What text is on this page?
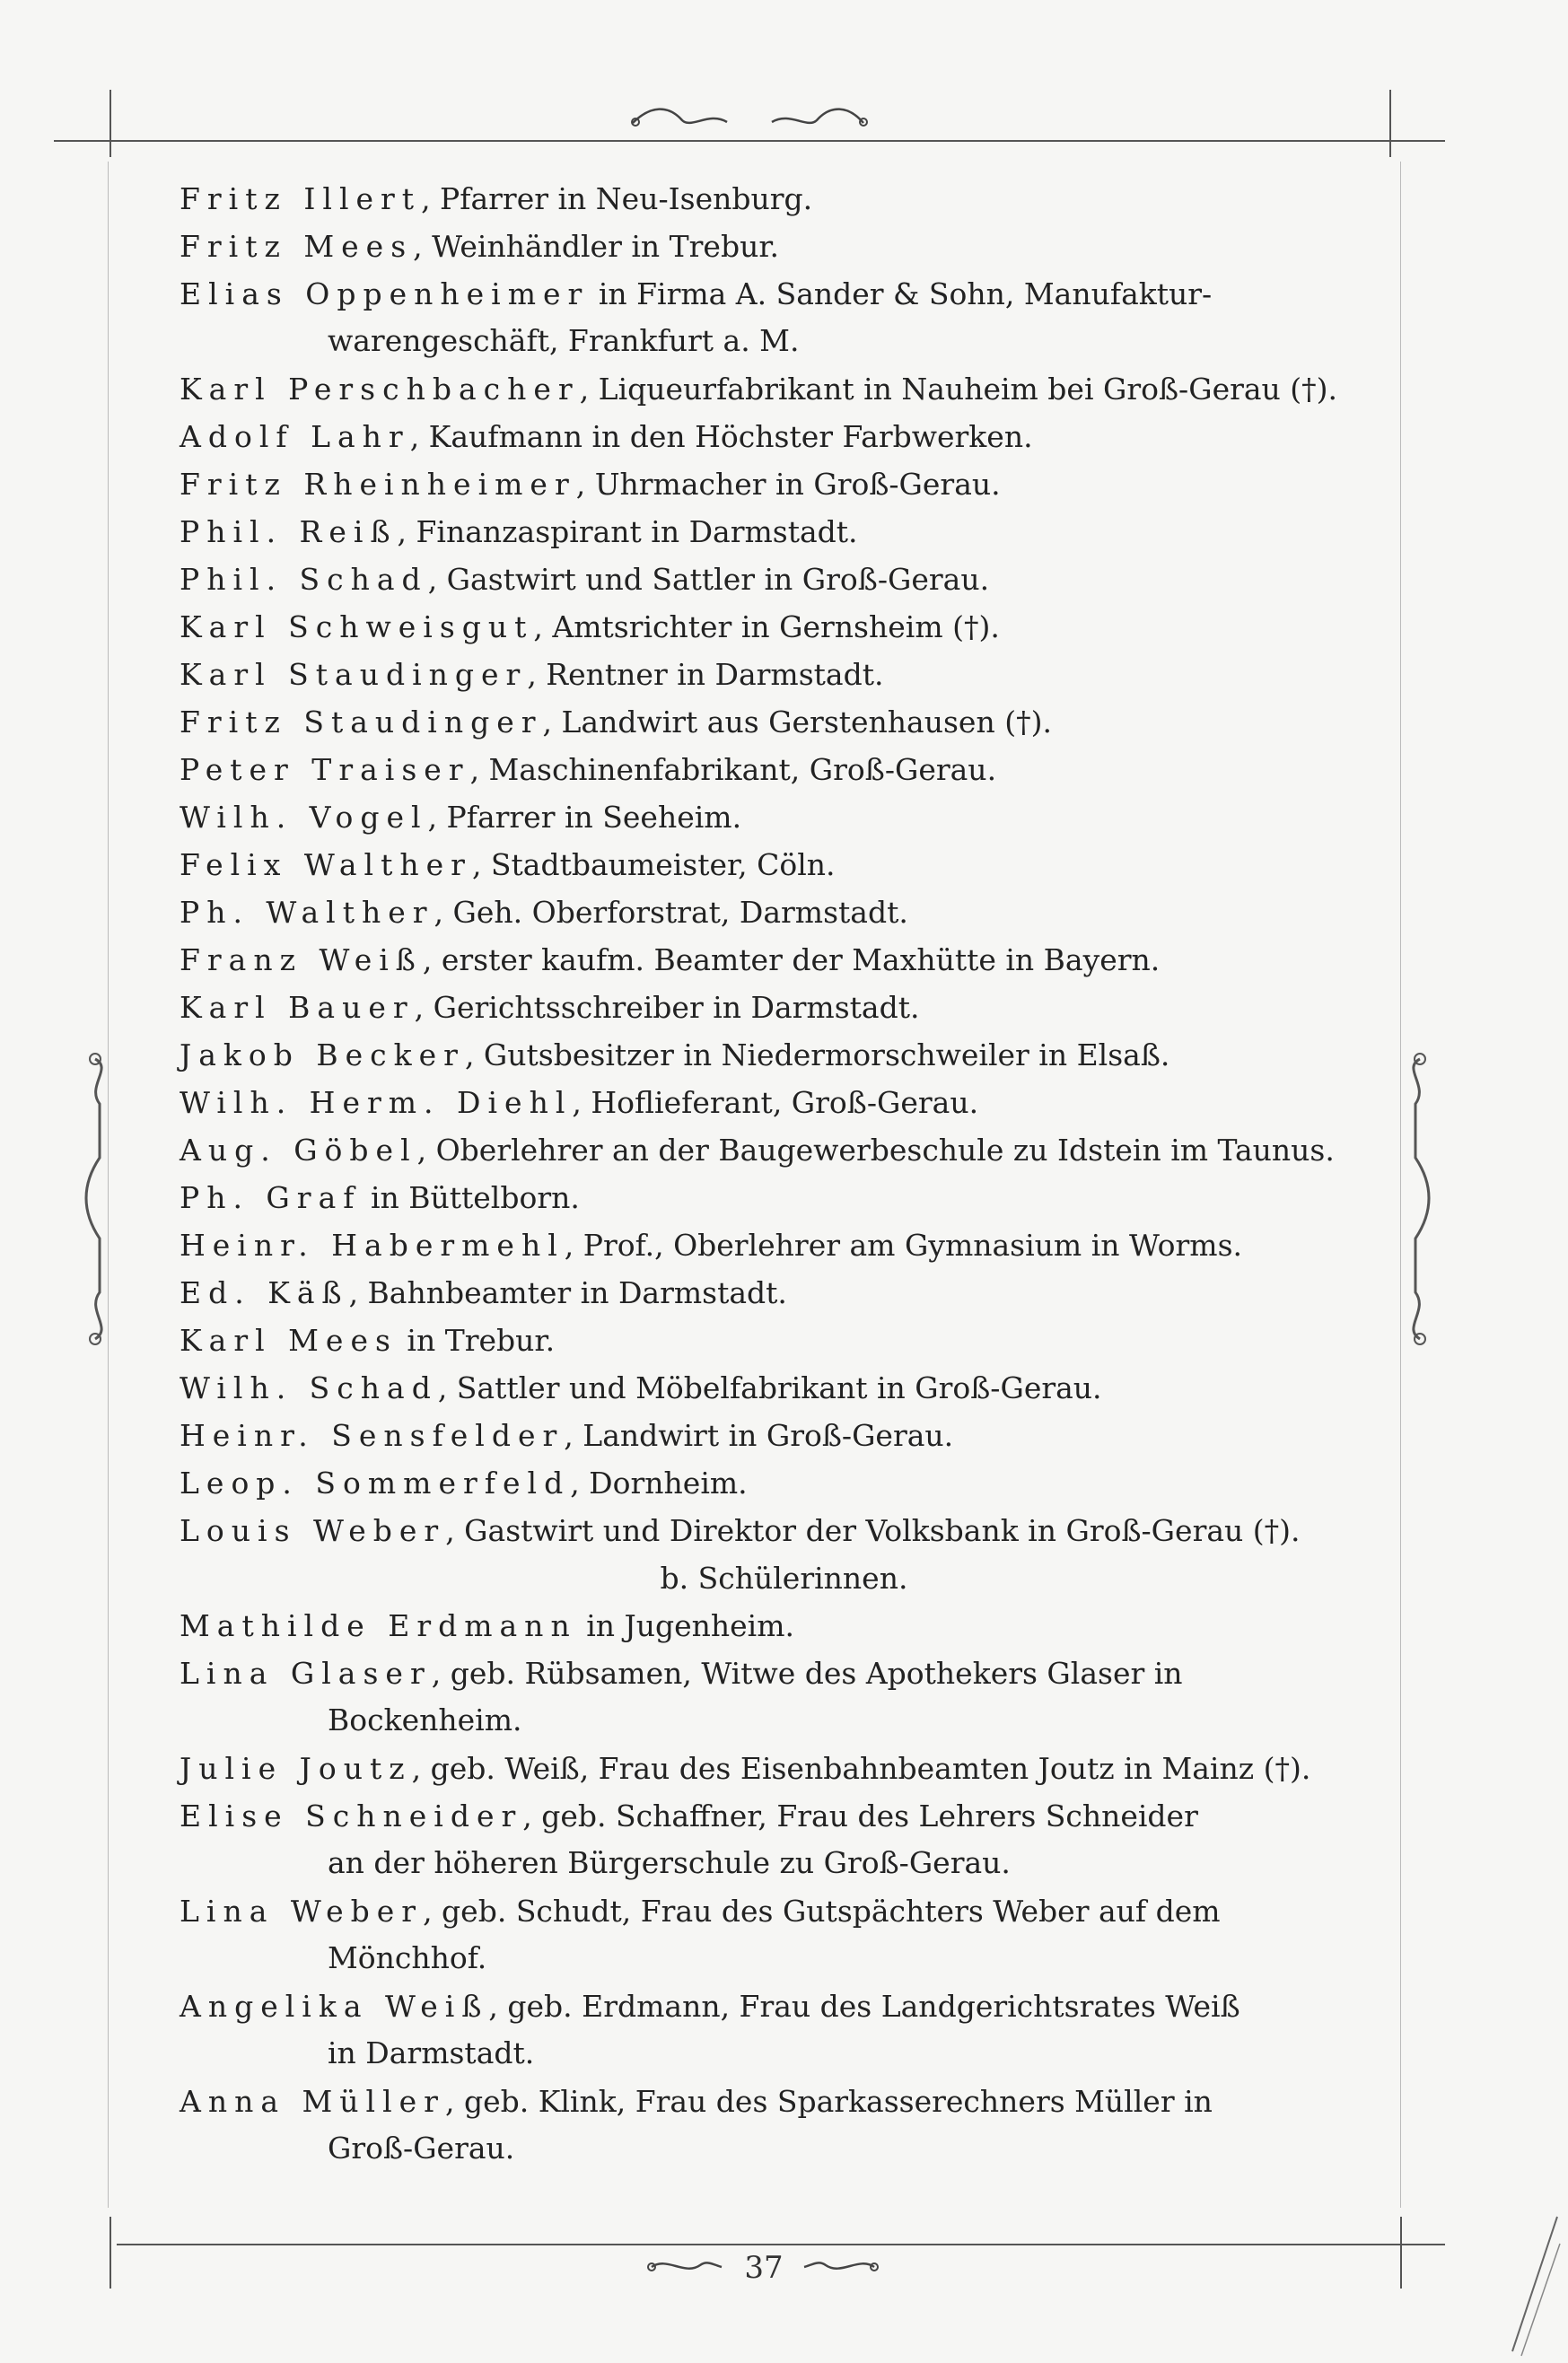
Fritz Illert, Pfarrer in Neu-Isenburg.
Fritz Mees, Weinhändler in Trebur.
Elias Oppenheimer in Firma A. Sander & Sohn, Manufaktur-
warengeschäft, Frankfurt a. M.
Karl Perschbacher, Liqueurfabrikant in Nauheim bei Groß-Gerau (†).
Adolf Lahr, Kaufmann in den Höchster Farbwerken.
Fritz Rheinheimer, Uhrmacher in Groß-Gerau.
Phil. Reiß, Finanzaspirant in Darmstadt.
Phil. Schad, Gastwirt und Sattler in Groß-Gerau.
Karl Schweisgut, Amtsrichter in Gernsheim (†).
Karl Staudinger, Rentner in Darmstadt.
Fritz Staudinger, Landwirt aus Gerstenhausen (†).
Peter Traiser, Maschinenfabrikant, Groß-Gerau.
Wilh. Vogel, Pfarrer in Seeheim.
Felix Walther, Stadtbaumeister, Cöln.
Ph. Walther, Geh. Oberforstrat, Darmstadt.
Franz Weiß, erster kaufm. Beamter der Maxhütte in Bayern.
Karl Bauer, Gerichtsschreiber in Darmstadt.
Jakob Becker, Gutsbesitzer in Niedermorschweiler in Elsaß.
Wilh. Herm. Diehl, Hoflieferant, Groß-Gerau.
Aug. Göbel, Oberlehrer an der Baugewerbeschule zu Idstein im Taunus.
Ph. Graf in Büttelborn.
Heinr. Habermehl, Prof., Oberlehrer am Gymnasium in Worms.
Ed. Käß, Bahnbeamter in Darmstadt.
Karl Mees in Trebur.
Wilh. Schad, Sattler und Möbelfabrikant in Groß-Gerau.
Heinr. Sensfelder, Landwirt in Groß-Gerau.
Leop. Sommerfeld, Dornheim.
Louis Weber, Gastwirt und Direktor der Volksbank in Groß-Gerau (†).
b. Schülerinnen.
Mathilde Erdmann in Jugenheim.
Lina Glaser, geb. Rübsamen, Witwe des Apothekers Glaser in
Bockenheim.
Julie Joutz, geb. Weiß, Frau des Eisenbahnbeamten Joutz in Mainz (†).
Elise Schneider, geb. Schaffner, Frau des Lehrers Schneider
an der höheren Bürgerschule zu Groß-Gerau.
Lina Weber, geb. Schudt, Frau des Gutspächters Weber auf dem
Mönchhof.
Angelika Weiß, geb. Erdmann, Frau des Landgerichtsrates Weiß
in Darmstadt.
Anna Müller, geb. Klink, Frau des Sparkasserechners Müller in
Groß-Gerau.
37
